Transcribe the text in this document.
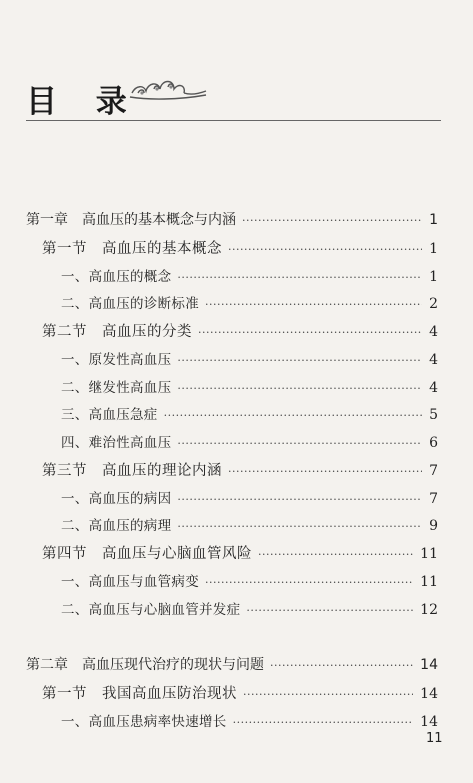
目 录
第一章　高血压的基本概念与内涵 ·····	1
第一节　高血压的基本概念 ·····	1
一、高血压的概念 ·····	1
二、高血压的诊断标准 ·····	2
第二节　高血压的分类 ·····	4
一、原发性高血压 ·····	4
二、继发性高血压 ·····	4
三、高血压急症 ·····	5
四、难治性高血压 ·····	6
第三节　高血压的理论内涵 ·····	7
一、高血压的病因 ·····	7
二、高血压的病理 ·····	9
第四节　高血压与心脑血管风险 ·····	11
一、高血压与血管病变 ·····	11
二、高血压与心脑血管并发症 ·····	12
第二章　高血压现代治疗的现状与问题 ·····	14
第一节　我国高血压防治现状 ·····	14
一、高血压患病率快速增长 ·····	14
11
